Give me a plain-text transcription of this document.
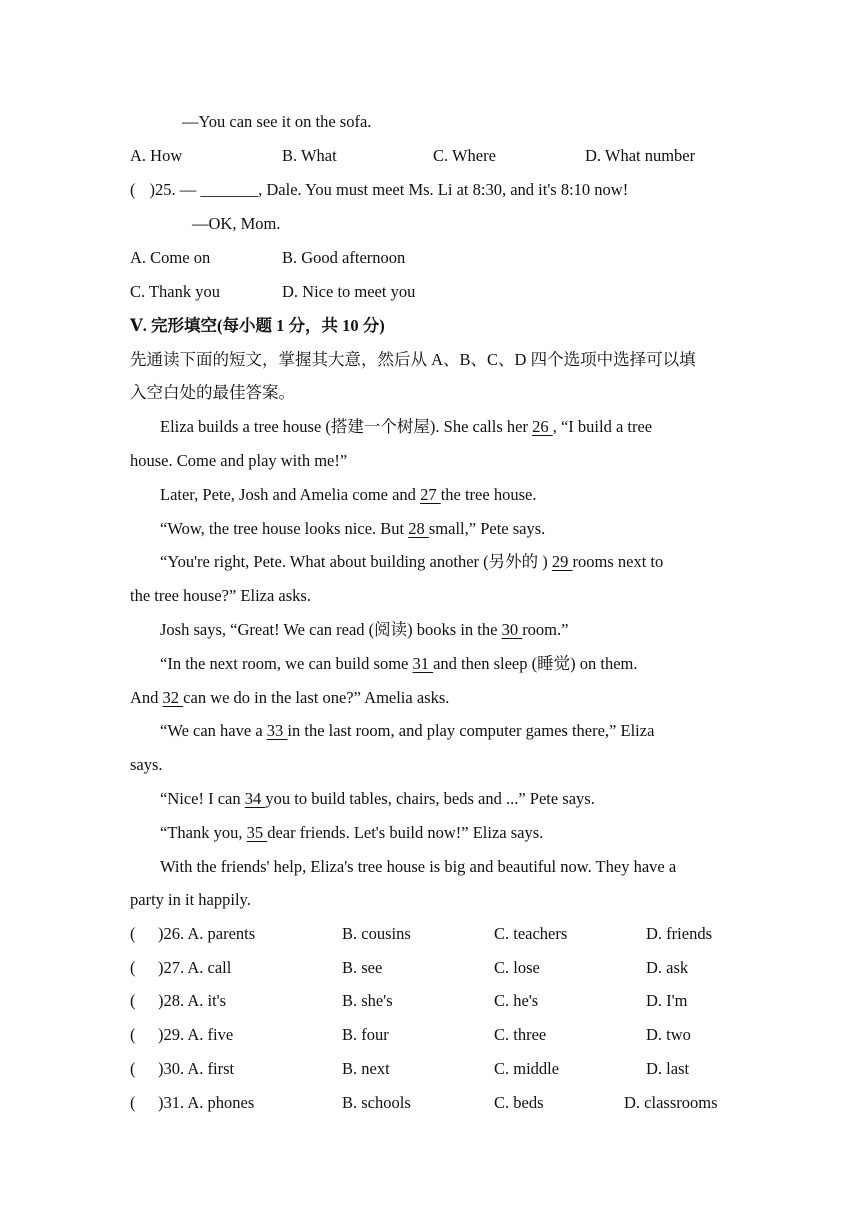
—You can see it on the sofa.
A. How	B. What	C. Where	D. What number
( )25. — _______, Dale. You must meet Ms. Li at 8:30, and it's 8:10 now!
—OK, Mom.
A. Come on	B. Good afternoon
C. Thank you	D. Nice to meet you
Ⅴ. 完形填空(每小题 1 分，共 10 分)
先通读下面的短文，掌握其大意，然后从 A、B、C、D 四个选项中选择可以填
入空白处的最佳答案。
Eliza builds a tree house (搭建一个树屋). She calls her 26 , “I build a tree
house. Come and play with me!”
Later, Pete, Josh and Amelia come and 27 the tree house.
“Wow, the tree house looks nice. But 28 small,” Pete says.
“You're right, Pete. What about building another (另外的 ) 29 rooms next to
the tree house?” Eliza asks.
Josh says, “Great! We can read (阅读) books in the 30 room.”
“In the next room, we can build some 31 and then sleep (睡觉) on them.
And 32 can we do in the last one?” Amelia asks.
“We can have a 33 in the last room, and play computer games there,” Eliza
says.
“Nice! I can 34 you to build tables, chairs, beds and ...” Pete says.
“Thank you, 35 dear friends. Let's build now!” Eliza says.
With the friends' help, Eliza's tree house is big and beautiful now. They have a
party in it happily.
( )26. A. parents	B. cousins	C. teachers	D. friends
( )27. A. call	B. see	C. lose	D. ask
( )28. A. it's	B. she's	C. he's	D. I'm
( )29. A. five	B. four	C. three	D. two
( )30. A. first	B. next	C. middle	D. last
( )31. A. phones	B. schools	C. beds	D. classrooms
